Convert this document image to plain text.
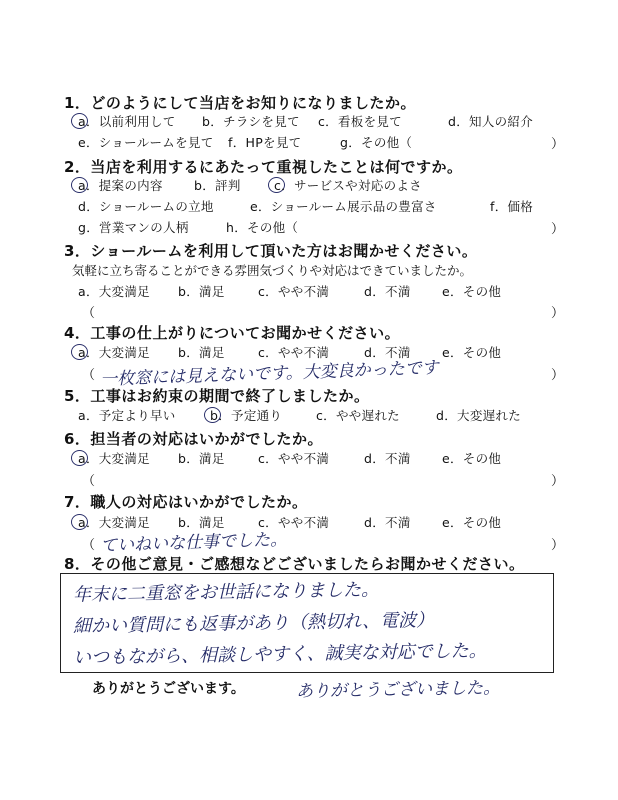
1．どのようにして当店をお知りになりましたか。
a．以前利用して b．チラシを見て c．看板を見て	d．知人の紹介
e．ショールームを見て f．HPを見て	g．その他（	）
2．当店を利用するにあたって重視したことは何ですか。
a．提案の内容 b．評判	c．サービスや対応のよさ
d．ショールームの立地	e．ショールーム展示品の豊富さ	f．価格
g．営業マンの人柄	h．その他（	）
3．ショールームを利用して頂いた方はお聞かせください。
気軽に立ち寄ることができる雰囲気づくりや対応はできていましたか。
a．大変満足 b．満足	c．やや不満	d．不満	e．その他
（	）
4．工事の仕上がりについてお聞かせください。
a．大変満足 b．満足	c．やや不満	d．不満	e．その他
（ 一枚窓には見えないです。大変良かったです	）
5．工事はお約束の期間で終了しましたか。
a．予定より早い	b．予定通り	c．やや遅れた	d．大変遅れた
6．担当者の対応はいかがでしたか。
a．大変満足 b．満足	c．やや不満	d．不満	e．その他
（	）
7．職人の対応はいかがでしたか。
a．大変満足 b．満足	c．やや不満	d．不満	e．その他
（ ていねいな仕事でした。	）
8．その他ご意見・ご感想などございましたらお聞かせください。
年末に二重窓をお世話になりました。
細かい質問にも返事があり（熱切れ、電波）
いつもながら、相談しやすく、誠実な対応でした。
ありがとうございます。	ありがとうございました。
